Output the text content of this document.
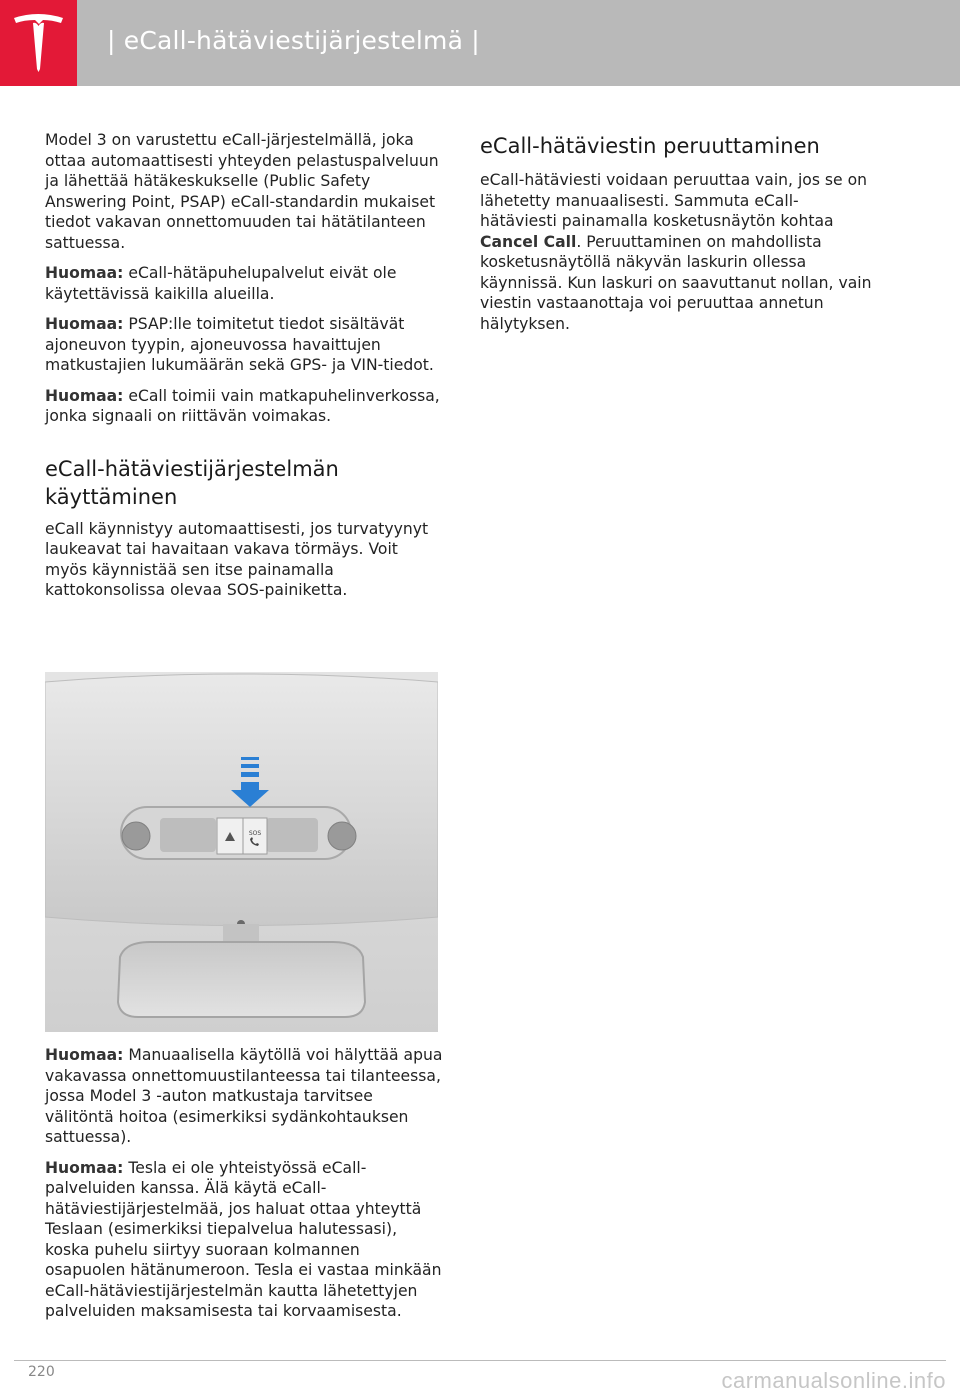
| eCall-hätäviestijärjestelmä |

Model 3 on varustettu eCall-järjestelmällä, joka ottaa automaattisesti yhteyden pelastuspalveluun ja lähettää hätäkeskukselle (Public Safety Answering Point, PSAP) eCall-standardin mukaiset tiedot vakavan onnettomuuden tai hätätilanteen sattuessa.

Huomaa: eCall-hätäpuhelupalvelut eivät ole käytettävissä kaikilla alueilla.

Huomaa: PSAP:lle toimitetut tiedot sisältävät ajoneuvon tyypin, ajoneuvossa havaittujen matkustajien lukumäärän sekä GPS- ja VIN-tiedot.

Huomaa: eCall toimii vain matkapuhelinverkossa, jonka signaali on riittävän voimakas.

eCall-hätäviestijärjestelmän käyttäminen

eCall käynnistyy automaattisesti, jos turvatyynyt laukeavat tai havaitaan vakava törmäys. Voit myös käynnistää sen itse painamalla kattokonsolissa olevaa SOS-painiketta.

SOS

Huomaa: Manuaalisella käytöllä voi hälyttää apua vakavassa onnettomuustilanteessa tai tilanteessa, jossa Model 3 -auton matkustaja tarvitsee välitöntä hoitoa (esimerkiksi sydänkohtauksen sattuessa).

Huomaa: Tesla ei ole yhteistyössä eCall-palveluiden kanssa. Älä käytä eCall-hätäviestijärjestelmää, jos haluat ottaa yhteyttä Teslaan (esimerkiksi tiepalvelua halutessasi), koska puhelu siirtyy suoraan kolmannen osapuolen hätänumeroon. Tesla ei vastaa minkään eCall-hätäviestijärjestelmän kautta lähetettyjen palveluiden maksamisesta tai korvaamisesta.

eCall-hätäviestin peruuttaminen

eCall-hätäviesti voidaan peruuttaa vain, jos se on lähetetty manuaalisesti. Sammuta eCall-hätäviesti painamalla kosketusnäytön kohtaa Cancel Call. Peruuttaminen on mahdollista kosketusnäytöllä näkyvän laskurin ollessa käynnissä. Kun laskuri on saavuttanut nollan, vain viestin vastaanottaja voi peruuttaa annetun hälytyksen.

220	carmanualsonline.info
